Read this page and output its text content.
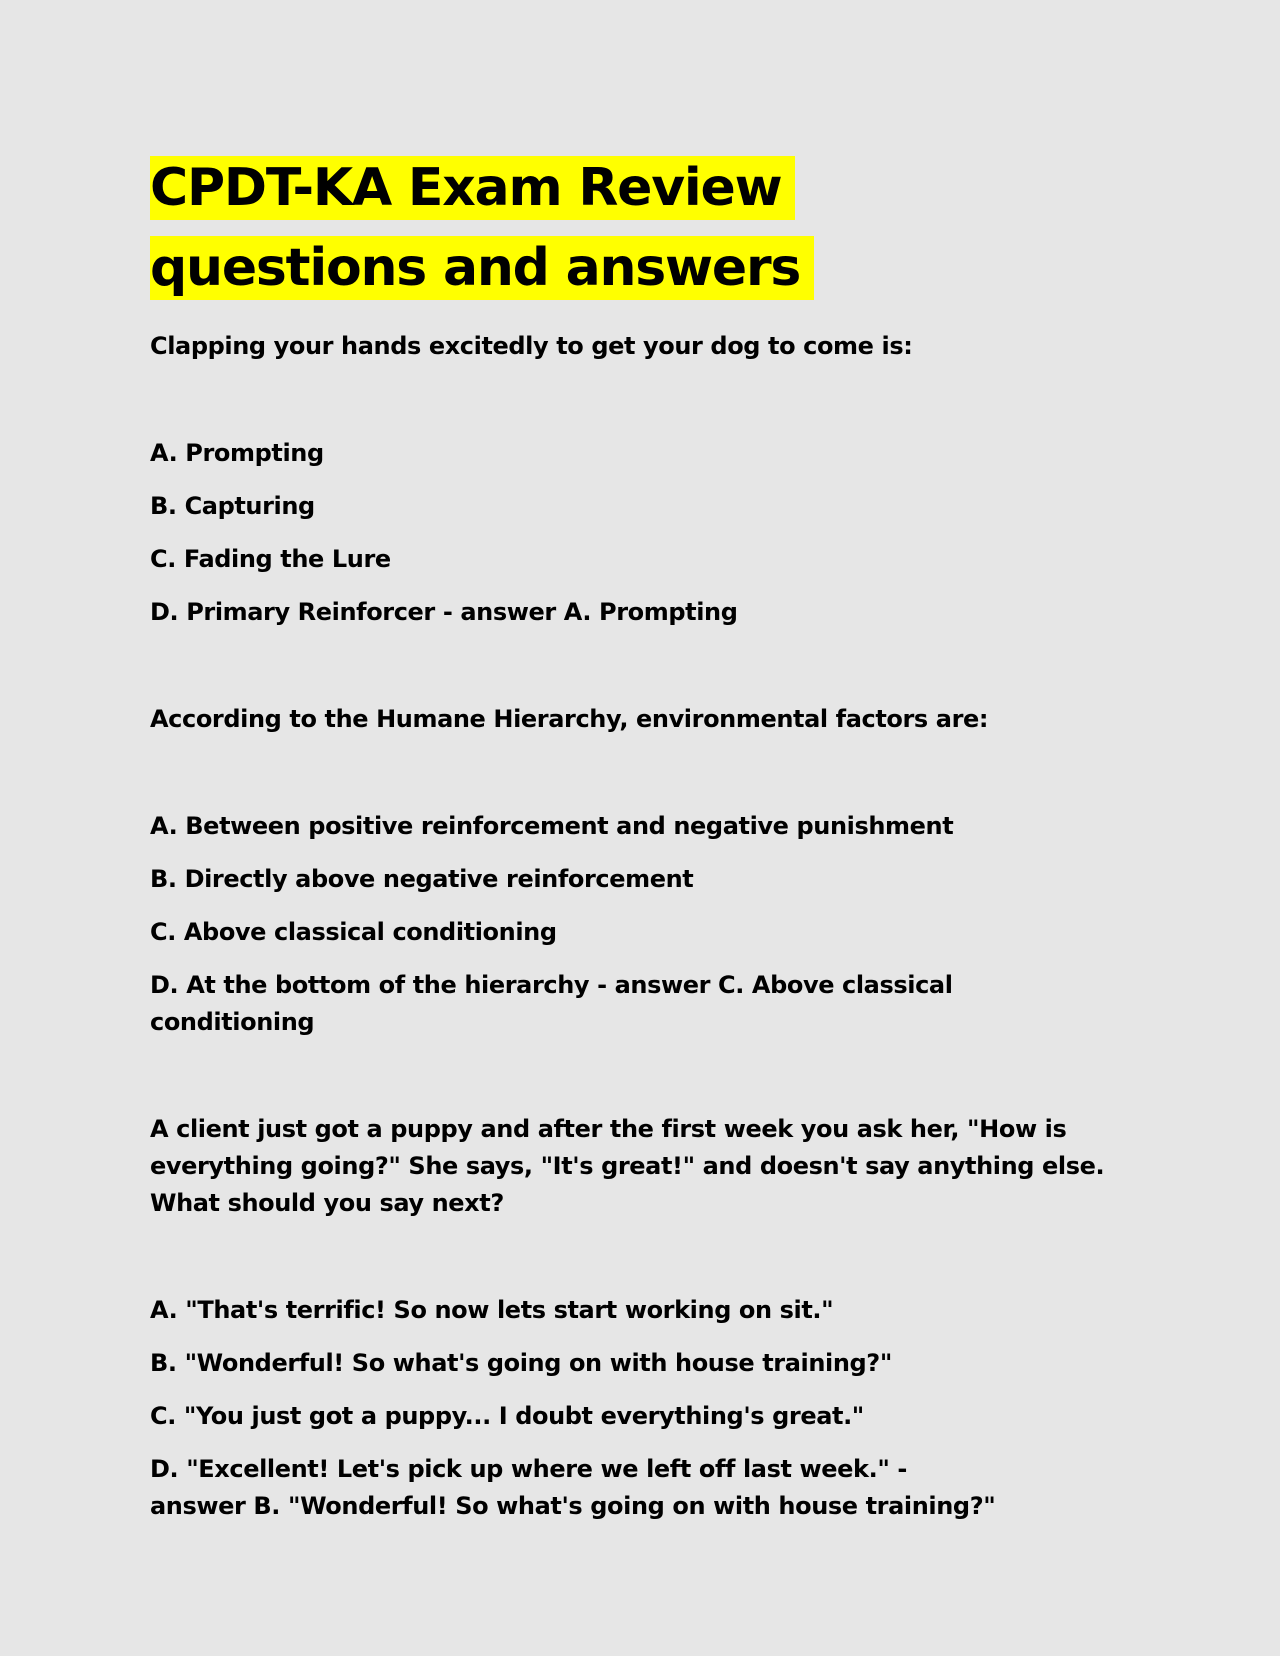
CPDT-KA Exam Review questions and answers
Clapping your hands excitedly to get your dog to come is:
A. Prompting
B. Capturing
C. Fading the Lure
D. Primary Reinforcer - answer A. Prompting
According to the Humane Hierarchy, environmental factors are:
A. Between positive reinforcement and negative punishment
B. Directly above negative reinforcement
C. Above classical conditioning
D. At the bottom of the hierarchy - answer C. Above classical conditioning
A client just got a puppy and after the first week you ask her, "How is everything going?" She says, "It's great!" and doesn't say anything else. What should you say next?
A. "That's terrific! So now lets start working on sit."
B. "Wonderful! So what's going on with house training?"
C. "You just got a puppy... I doubt everything's great."
D. "Excellent! Let's pick up where we left off last week." - answer B. "Wonderful! So what's going on with house training?"
